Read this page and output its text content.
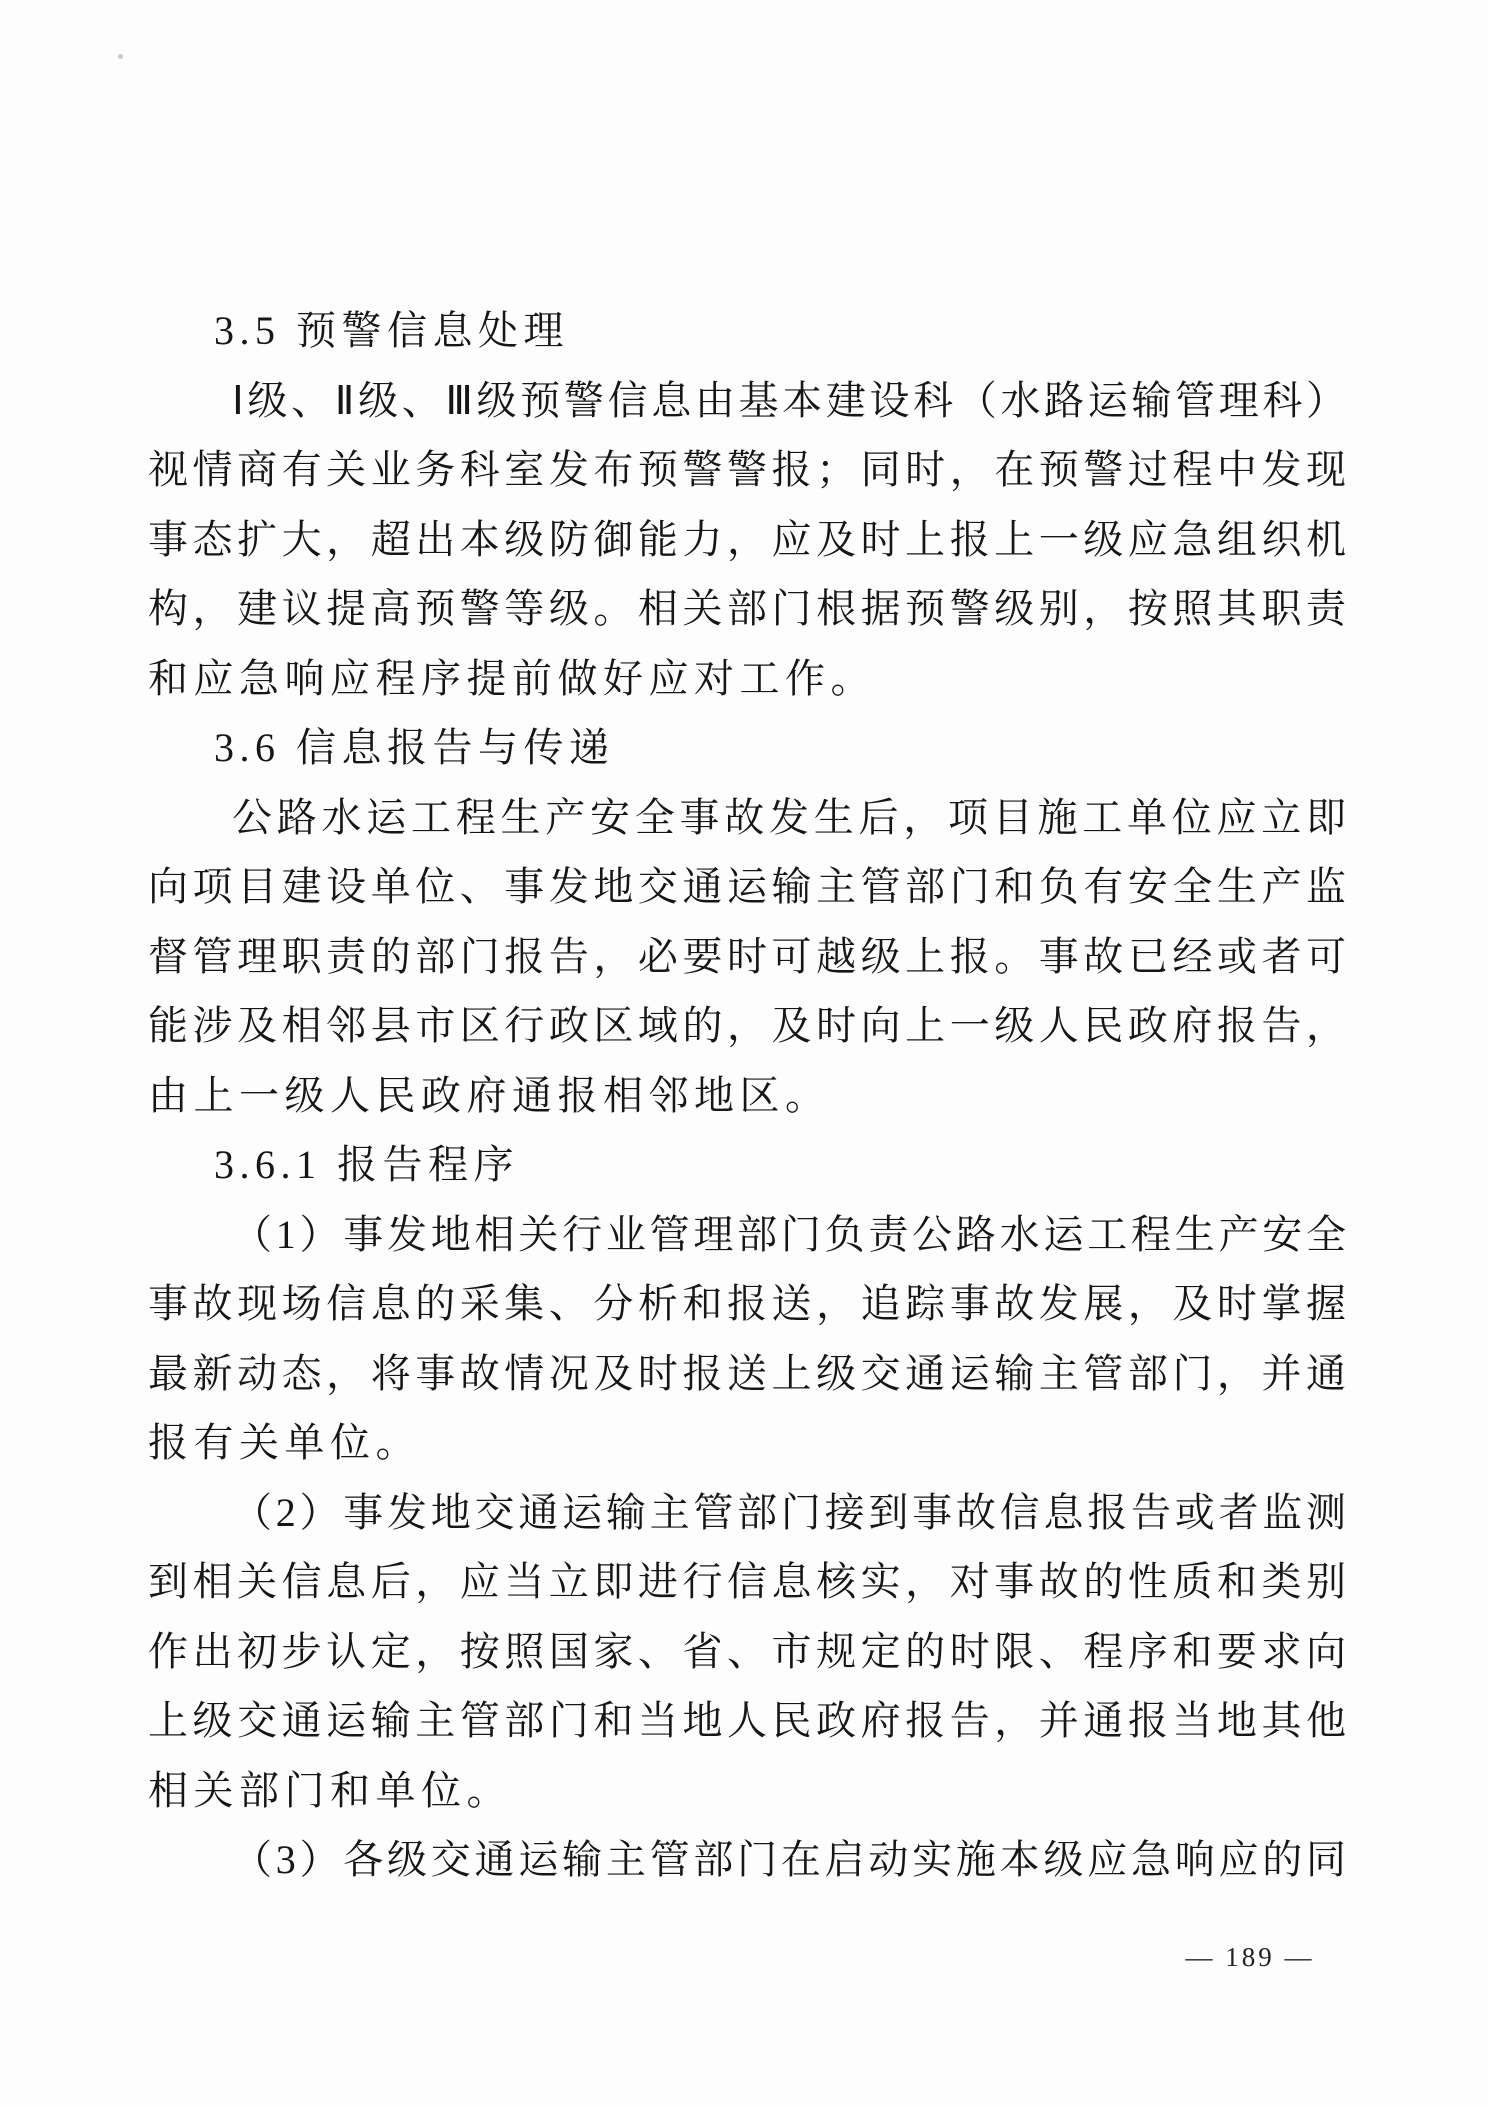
3.5 预警信息处理
Ⅰ级、Ⅱ级、Ⅲ级预警信息由基本建设科（水路运输管理科）
视情商有关业务科室发布预警警报；同时，在预警过程中发现
事态扩大，超出本级防御能力，应及时上报上一级应急组织机
构，建议提高预警等级。相关部门根据预警级别，按照其职责
和应急响应程序提前做好应对工作。
3.6 信息报告与传递
公路水运工程生产安全事故发生后，项目施工单位应立即
向项目建设单位、事发地交通运输主管部门和负有安全生产监
督管理职责的部门报告，必要时可越级上报。事故已经或者可
能涉及相邻县市区行政区域的，及时向上一级人民政府报告，
由上一级人民政府通报相邻地区。
3.6.1 报告程序
（1）事发地相关行业管理部门负责公路水运工程生产安全
事故现场信息的采集、分析和报送，追踪事故发展，及时掌握
最新动态，将事故情况及时报送上级交通运输主管部门，并通
报有关单位。
（2）事发地交通运输主管部门接到事故信息报告或者监测
到相关信息后，应当立即进行信息核实，对事故的性质和类别
作出初步认定，按照国家、省、市规定的时限、程序和要求向
上级交通运输主管部门和当地人民政府报告，并通报当地其他
相关部门和单位。
（3）各级交通运输主管部门在启动实施本级应急响应的同
— 189 —
